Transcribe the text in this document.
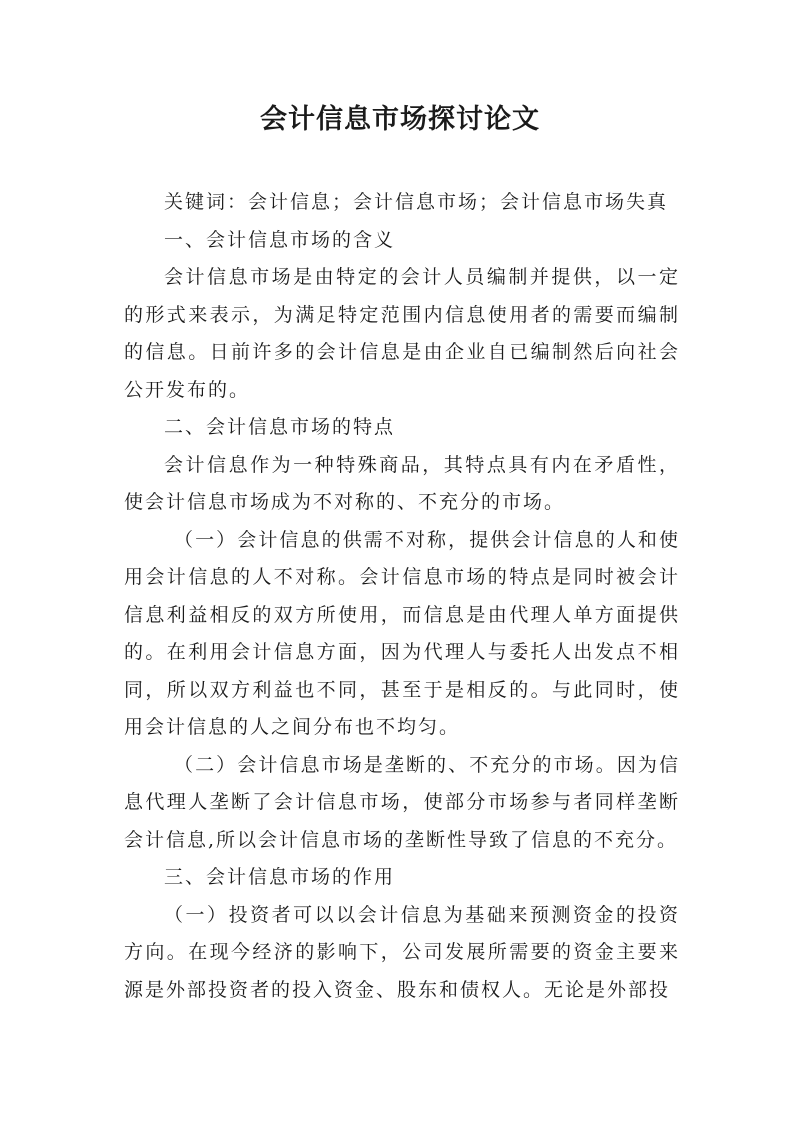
会计信息市场探讨论文

关键词：会计信息；会计信息市场；会计信息市场失真

一、会计信息市场的含义

会计信息市场是由特定的会计人员编制并提供，以一定的形式来表示，为满足特定范围内信息使用者的需要而编制的信息。日前许多的会计信息是由企业自已编制然后向社会公开发布的。

二、会计信息市场的特点

会计信息作为一种特殊商品，其特点具有内在矛盾性，使会计信息市场成为不对称的、不充分的市场。

（一）会计信息的供需不对称，提供会计信息的人和使用会计信息的人不对称。会计信息市场的特点是同时被会计信息利益相反的双方所使用，而信息是由代理人单方面提供的。在利用会计信息方面，因为代理人与委托人出发点不相同，所以双方利益也不同，甚至于是相反的。与此同时，使用会计信息的人之间分布也不均匀。

（二）会计信息市场是垄断的、不充分的市场。因为信息代理人垄断了会计信息市场，使部分市场参与者同样垄断会计信息,所以会计信息市场的垄断性导致了信息的不充分。

三、会计信息市场的作用

（一）投资者可以以会计信息为基础来预测资金的投资方向。在现今经济的影响下，公司发展所需要的资金主要来源是外部投资者的投入资金、股东和债权人。无论是外部投
